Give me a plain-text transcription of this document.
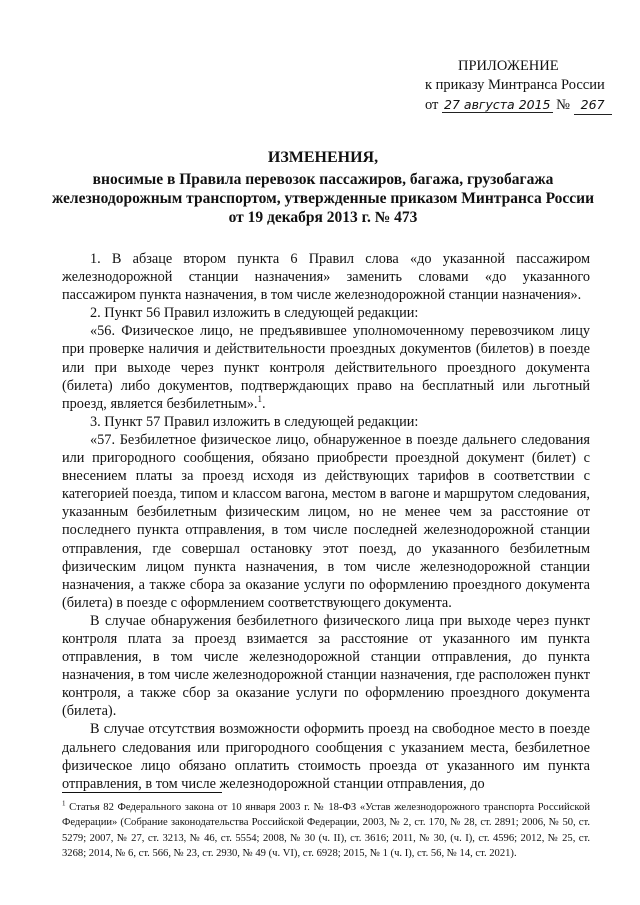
ПРИЛОЖЕНИЕ
к приказу Минтранса России
от 27 августа 2015 № 267
ИЗМЕНЕНИЯ,
вносимые в Правила перевозок пассажиров, багажа, грузобагажа
железнодорожным транспортом, утвержденные приказом Минтранса России
от 19 декабря 2013 г. № 473

1. В абзаце втором пункта 6 Правил слова «до указанной пассажиром железнодорожной станции назначения» заменить словами «до указанного пассажиром пункта назначения, в том числе железнодорожной станции назначения».

2. Пункт 56 Правил изложить в следующей редакции:

«56. Физическое лицо, не предъявившее уполномоченному перевозчиком лицу при проверке наличия и действительности проездных документов (билетов) в поезде или при выходе через пункт контроля действительного проездного документа (билета) либо документов, подтверждающих право на бесплатный или льготный проезд, является безбилетным».$^1$.

3. Пункт 57 Правил изложить в следующей редакции:

«57. Безбилетное физическое лицо, обнаруженное в поезде дальнего следования или пригородного сообщения, обязано приобрести проездной документ (билет) с внесением платы за проезд исходя из действующих тарифов в соответствии с категорией поезда, типом и классом вагона, местом в вагоне и маршрутом следования, указанным безбилетным физическим лицом, но не менее чем за расстояние от последнего пункта отправления, в том числе последней железнодорожной станции отправления, где совершал остановку этот поезд, до указанного безбилетным физическим лицом пункта назначения, в том числе железнодорожной станции назначения, а также сбора за оказание услуги по оформлению проездного документа (билета) в поезде с оформлением соответствующего документа.

В случае обнаружения безбилетного физического лица при выходе через пункт контроля плата за проезд взимается за расстояние от указанного им пункта отправления, в том числе железнодорожной станции отправления, до пункта назначения, в том числе железнодорожной станции назначения, где расположен пункт контроля, а также сбор за оказание услуги по оформлению проездного документа (билета).

В случае отсутствия возможности оформить проезд на свободное место в поезде дальнего следования или пригородного сообщения с указанием места, безбилетное физическое лицо обязано оплатить стоимость проезда от указанного им пункта отправления, в том числе железнодорожной станции отправления, до

$^1$ Статья 82 Федерального закона от 10 января 2003 г. № 18-ФЗ «Устав железнодорожного транспорта Российской Федерации» (Собрание законодательства Российской Федерации, 2003, № 2, ст. 170, № 28, ст. 2891; 2006, № 50, ст. 5279; 2007, № 27, ст. 3213, № 46, ст. 5554; 2008, № 30 (ч. II), ст. 3616; 2011, № 30, (ч. I), ст. 4596; 2012, № 25, ст. 3268; 2014, № 6, ст. 566, № 23, ст. 2930, № 49 (ч. VI), ст. 6928; 2015, № 1 (ч. I), ст. 56, № 14, ст. 2021).
